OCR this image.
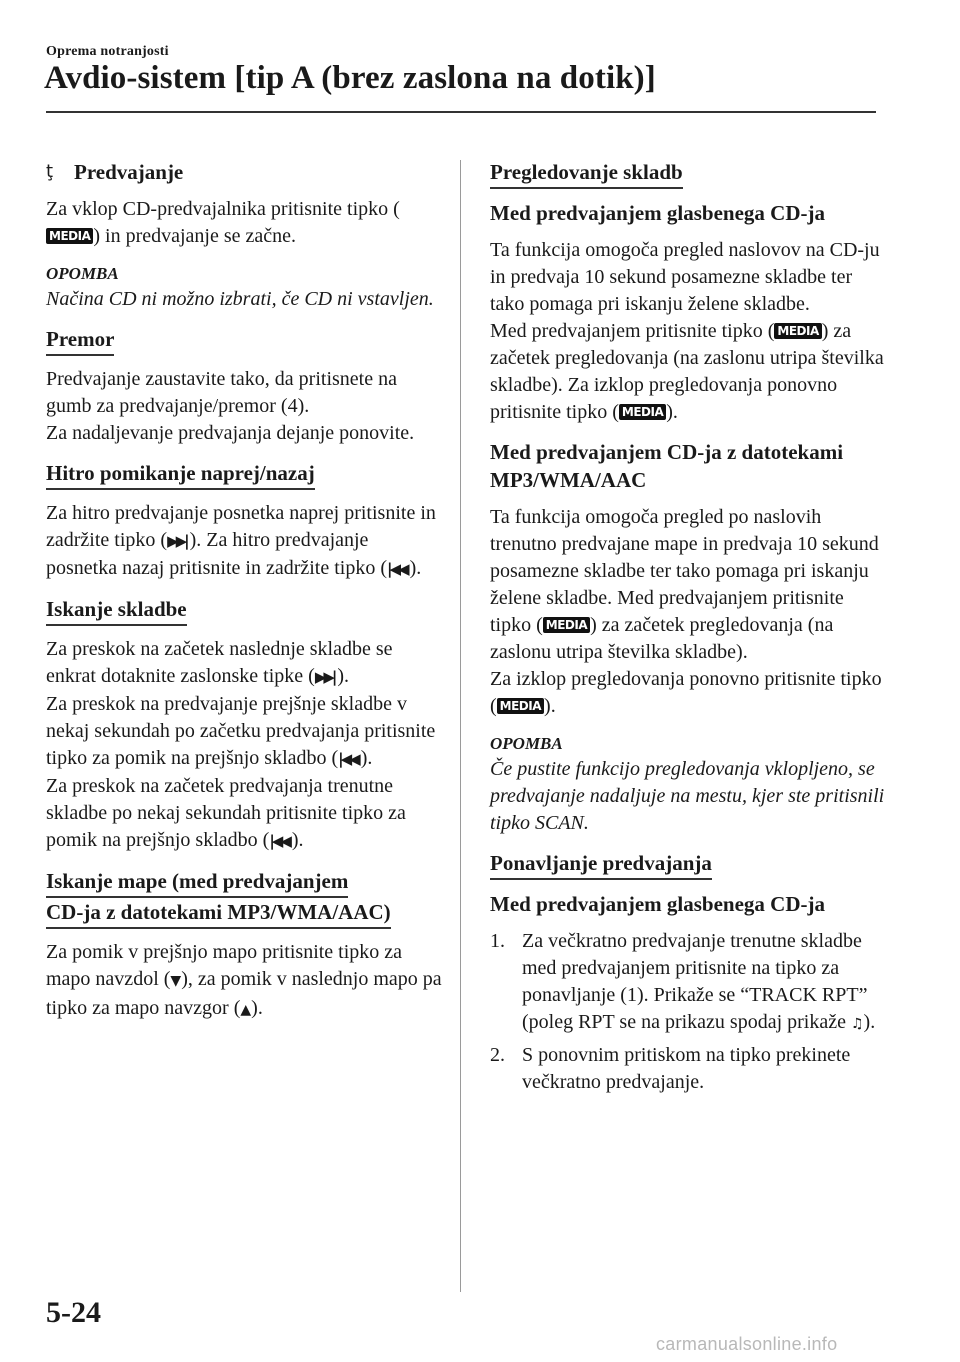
Oprema notranjosti
Avdio-sistem [tip A (brez zaslona na dotik)]

ţ Predvajanje

Za vklop CD-predvajalnika pritisnite tipko (MEDIA ) in predvajanje se začne.

OPOMBA

Načina CD ni možno izbrati, če CD ni vstavljen.

Premor

Predvajanje zaustavite tako, da pritisnete na gumb za predvajanje/premor (4).

Za nadaljevanje predvajanja dejanje ponovite.

Hitro pomikanje naprej/nazaj

Za hitro predvajanje posnetka naprej pritisnite in zadržite tipko (▶▶| ). Za hitro predvajanje posnetka nazaj pritisnite in zadržite tipko (|◀◀ ).

Iskanje skladbe

Za preskok na začetek naslednje skladbe se enkrat dotaknite zaslonske tipke (▶▶| ).

Za preskok na predvajanje prejšnje skladbe v nekaj sekundah po začetku predvajanja pritisnite tipko za pomik na prejšnjo skladbo (|◀◀ ).

Za preskok na začetek predvajanja trenutne skladbe po nekaj sekundah pritisnite tipko za pomik na prejšnjo skladbo (|◀◀ ).

Iskanje mape (med predvajanjem
CD-ja z datotekami MP3/WMA/AAC)

Za pomik v prejšnjo mapo pritisnite tipko za mapo navzdol (▼), za pomik v naslednjo mapo pa tipko za mapo navzgor (▲).

Pregledovanje skladb

Med predvajanjem glasbenega CD-ja

Ta funkcija omogoča pregled naslovov na CD-ju in predvaja 10 sekund posamezne skladbe ter tako pomaga pri iskanju želene skladbe.

Med predvajanjem pritisnite tipko ( MEDIA ) za začetek pregledovanja (na zaslonu utripa številka skladbe). Za izklop pregledovanja ponovno pritisnite tipko ( MEDIA ).

Med predvajanjem CD-ja z datotekami MP3/WMA/AAC

Ta funkcija omogoča pregled po naslovih trenutno predvajane mape in predvaja 10 sekund posamezne skladbe ter tako pomaga pri iskanju želene skladbe. Med predvajanjem pritisnite tipko ( MEDIA ) za začetek pregledovanja (na zaslonu utripa številka skladbe).

Za izklop pregledovanja ponovno pritisnite tipko ( MEDIA ).

OPOMBA

Če pustite funkcijo pregledovanja vklopljeno, se predvajanje nadaljuje na mestu, kjer ste pritisnili tipko SCAN.

Ponavljanje predvajanja

Med predvajanjem glasbenega CD-ja

1. Za večkratno predvajanje trenutne skladbe med predvajanjem pritisnite na tipko za ponavljanje (1). Prikaže se “TRACK RPT” (poleg RPT se na prikazu spodaj prikaže ♫).
2. S ponovnim pritiskom na tipko prekinete večkratno predvajanje.
5-24
carmanualsonline.info
